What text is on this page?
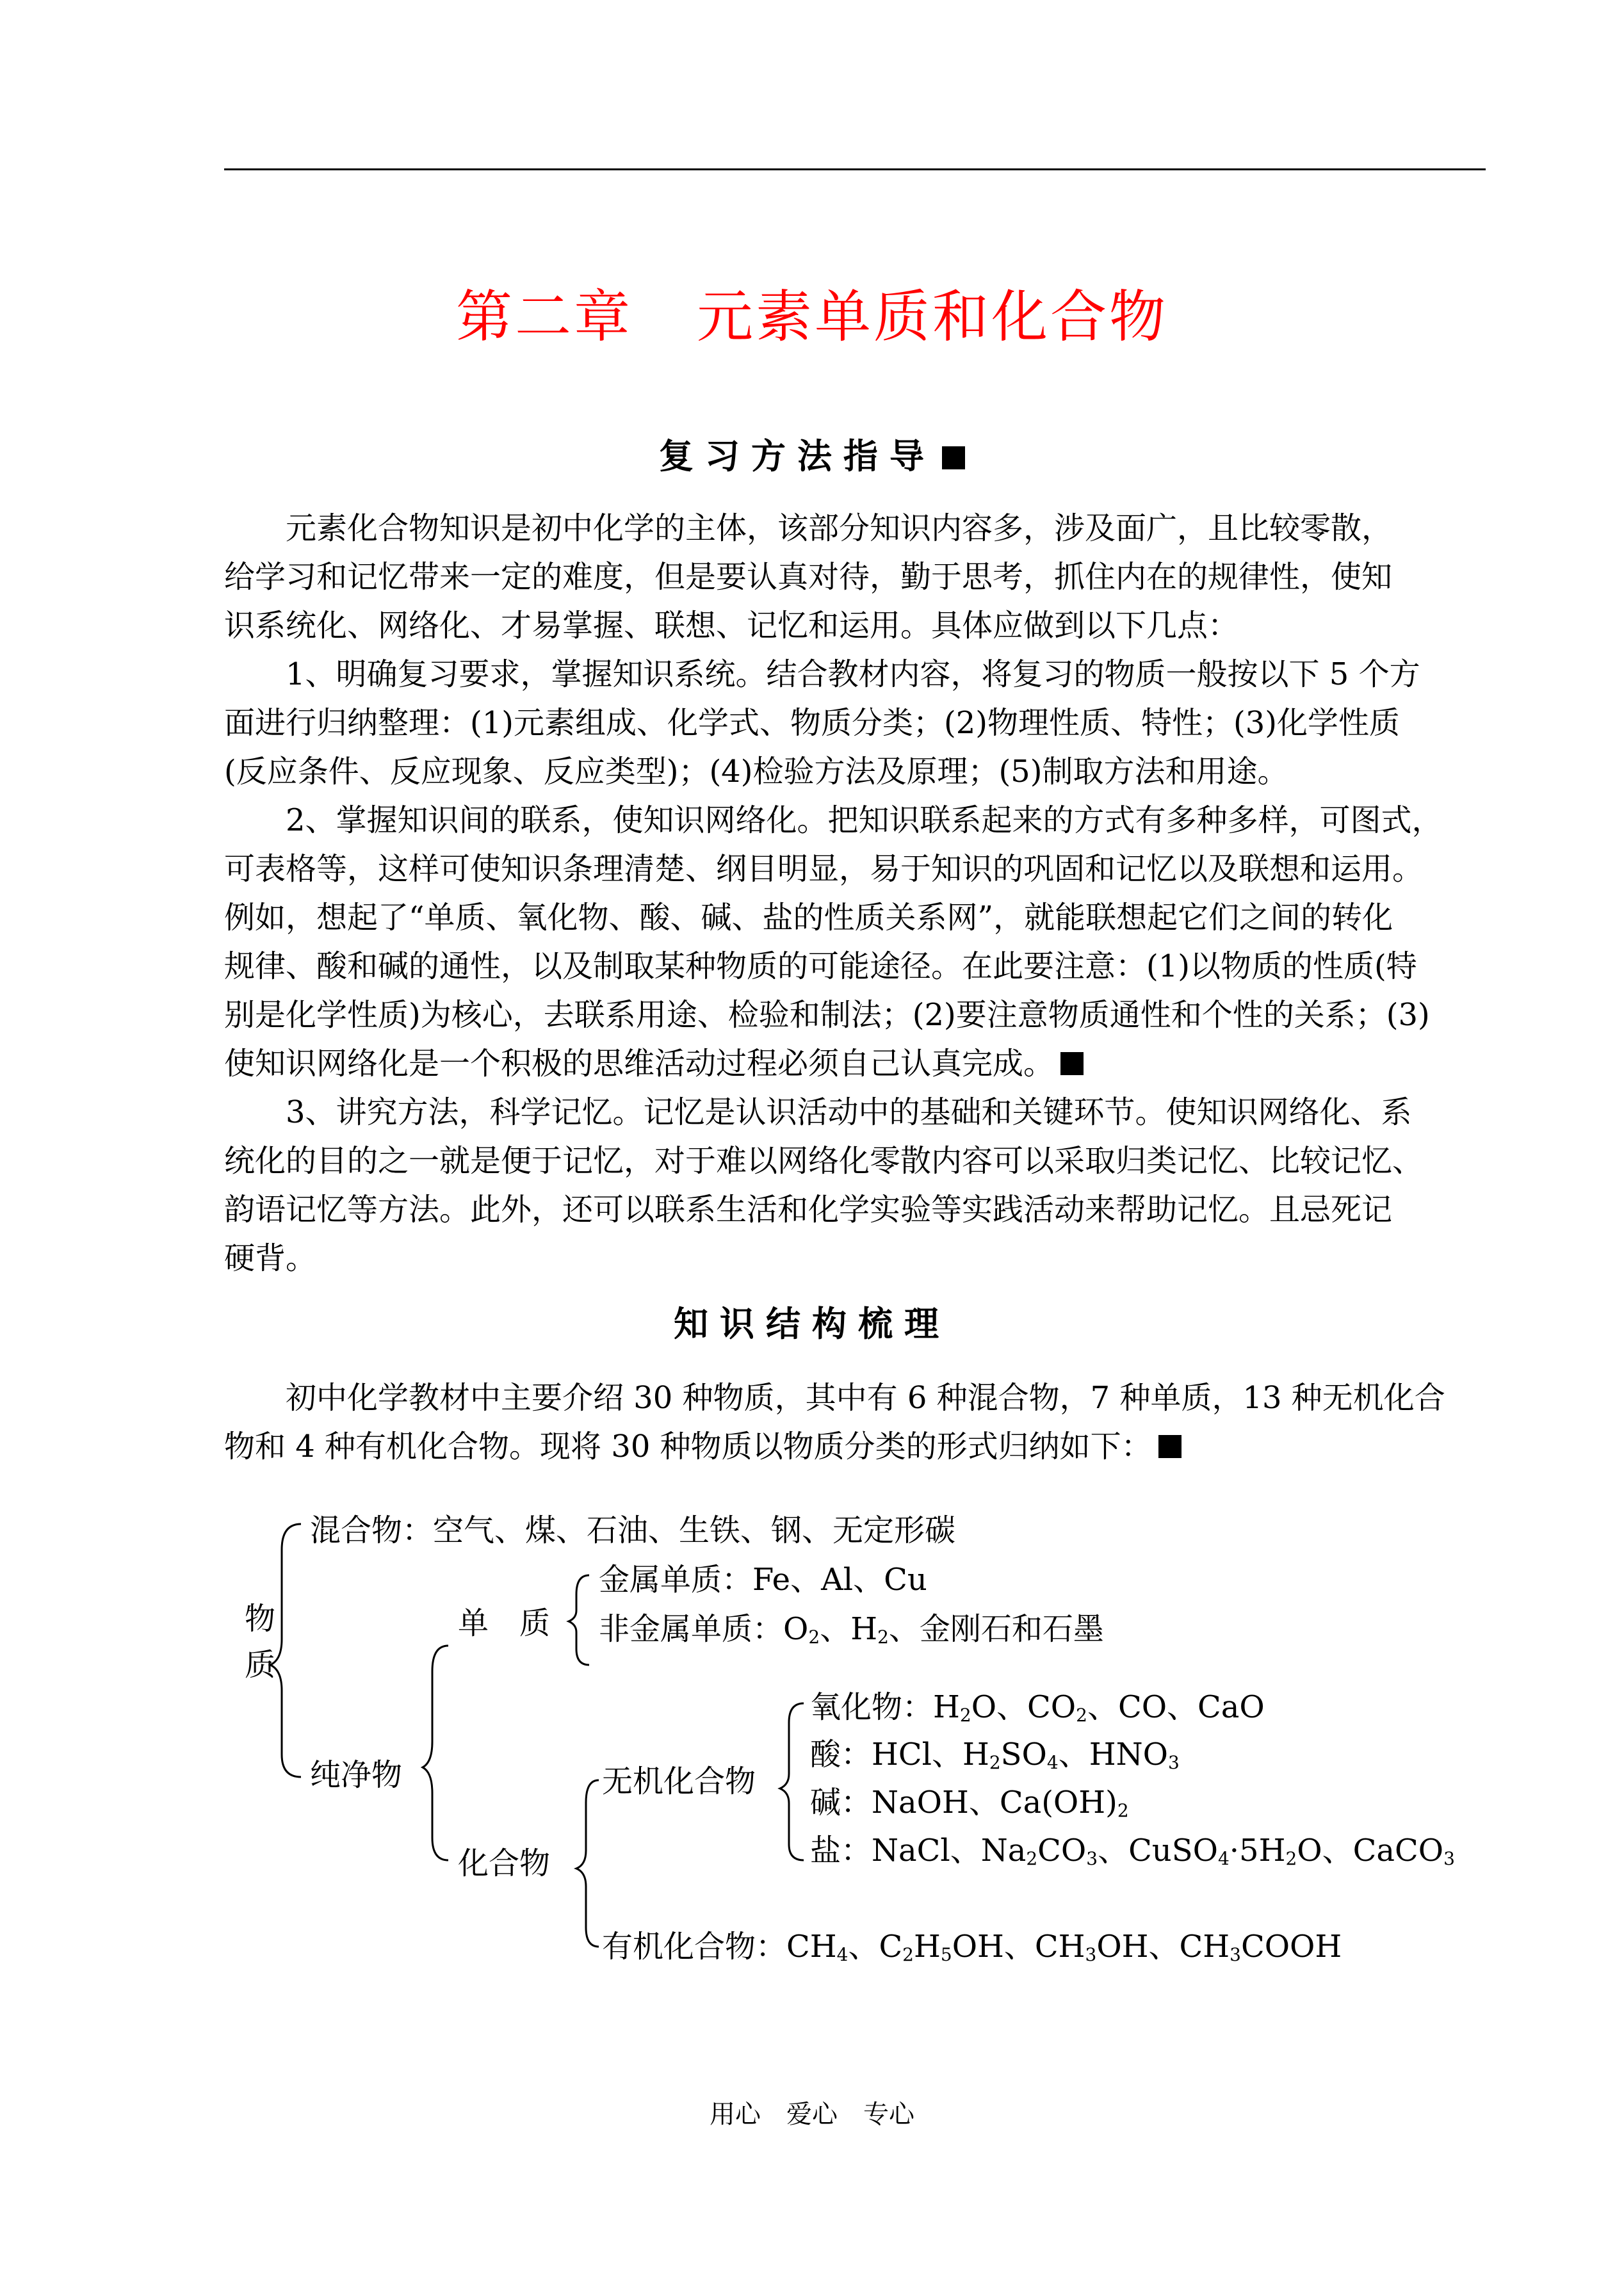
第二章 元素单质和化合物
复习方法指导
　　元素化合物知识是初中化学的主体，该部分知识内容多，涉及面广，且比较零散，
给学习和记忆带来一定的难度，但是要认真对待，勤于思考，抓住内在的规律性，使知
识系统化、网络化、才易掌握、联想、记忆和运用。具体应做到以下几点：
　　1、明确复习要求，掌握知识系统。结合教材内容，将复习的物质一般按以下 5 个方
面进行归纳整理：(1)元素组成、化学式、物质分类；(2)物理性质、特性；(3)化学性质
(反应条件、反应现象、反应类型)；(4)检验方法及原理；(5)制取方法和用途。
　　2、掌握知识间的联系，使知识网络化。把知识联系起来的方式有多种多样，可图式，
可表格等，这样可使知识条理清楚、纲目明显，易于知识的巩固和记忆以及联想和运用。
例如，想起了“单质、氧化物、酸、碱、盐的性质关系网”，就能联想起它们之间的转化
规律、酸和碱的通性，以及制取某种物质的可能途径。在此要注意：(1)以物质的性质(特
别是化学性质)为核心，去联系用途、检验和制法；(2)要注意物质通性和个性的关系；(3)
使知识网络化是一个积极的思维活动过程必须自己认真完成。
　　3、讲究方法，科学记忆。记忆是认识活动中的基础和关键环节。使知识网络化、系
统化的目的之一就是便于记忆，对于难以网络化零散内容可以采取归类记忆、比较记忆、
韵语记忆等方法。此外，还可以联系生活和化学实验等实践活动来帮助记忆。且忌死记
硬背。
知识结构梳理
　　初中化学教材中主要介绍 30 种物质，其中有 6 种混合物，7 种单质，13 种无机化合
物和 4 种有机化合物。现将 30 种物质以物质分类的形式归纳如下：
物
质
混合物：空气、煤、石油、生铁、钢、无定形碳
纯净物
单　质
金属单质：Fe、Al、Cu
非金属单质：$O_2$、$H_2$、金刚石和石墨
化合物
无机化合物
氧化物：$H_2O$、$CO_2$、CO、CaO
酸：HCl、$H_2SO_4$、$HNO_3$
碱：NaOH、$Ca(OH)_2$
盐：NaCl、$Na_2CO_3$、$CuSO_4\cdot 5H_2O$、CaCO$_3$
有机化合物：$CH_4$、$C_2H_5OH$、$CH_3OH$、$CH_3COOH$
用心 爱心 专心
